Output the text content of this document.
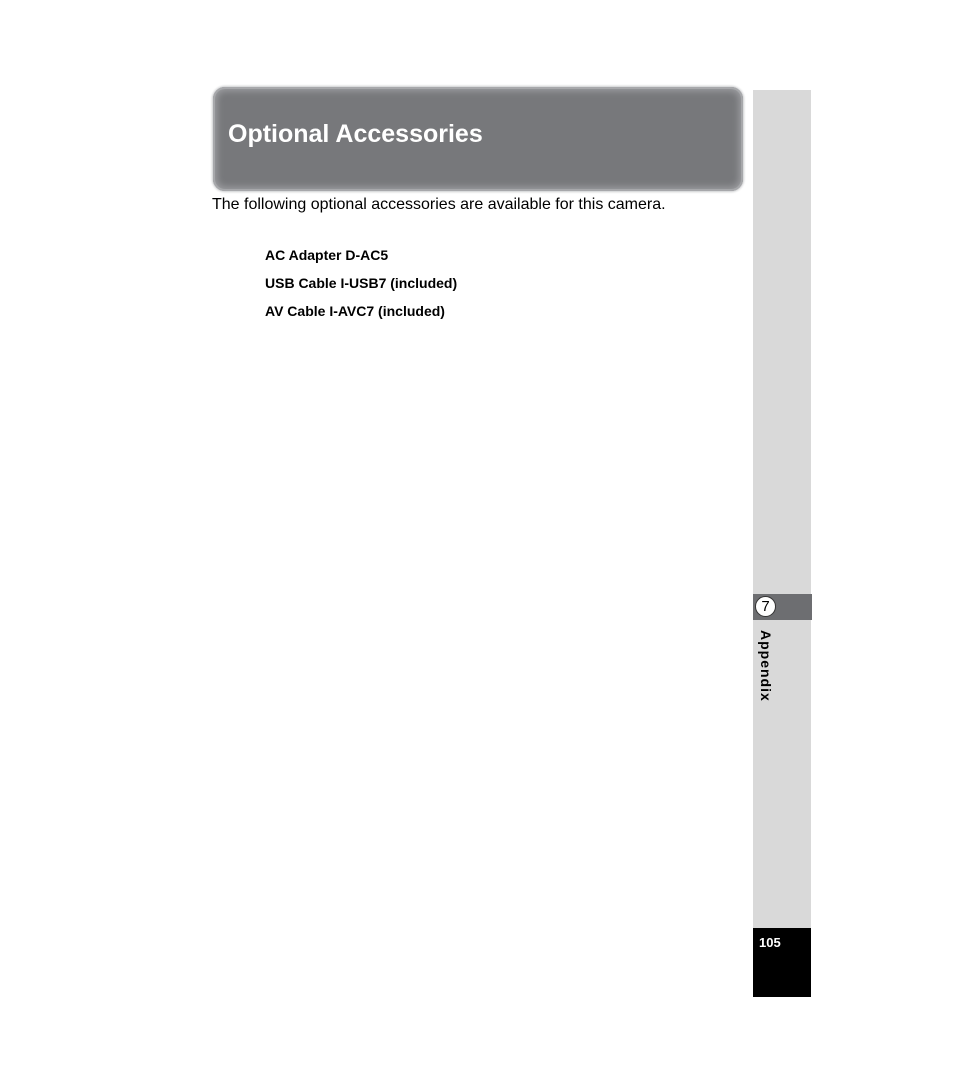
Optional Accessories

The following optional accessories are available for this camera.

AC Adapter D-AC5
USB Cable I-USB7 (included)
AV Cable I-AVC7 (included)
7

Appendix

105
